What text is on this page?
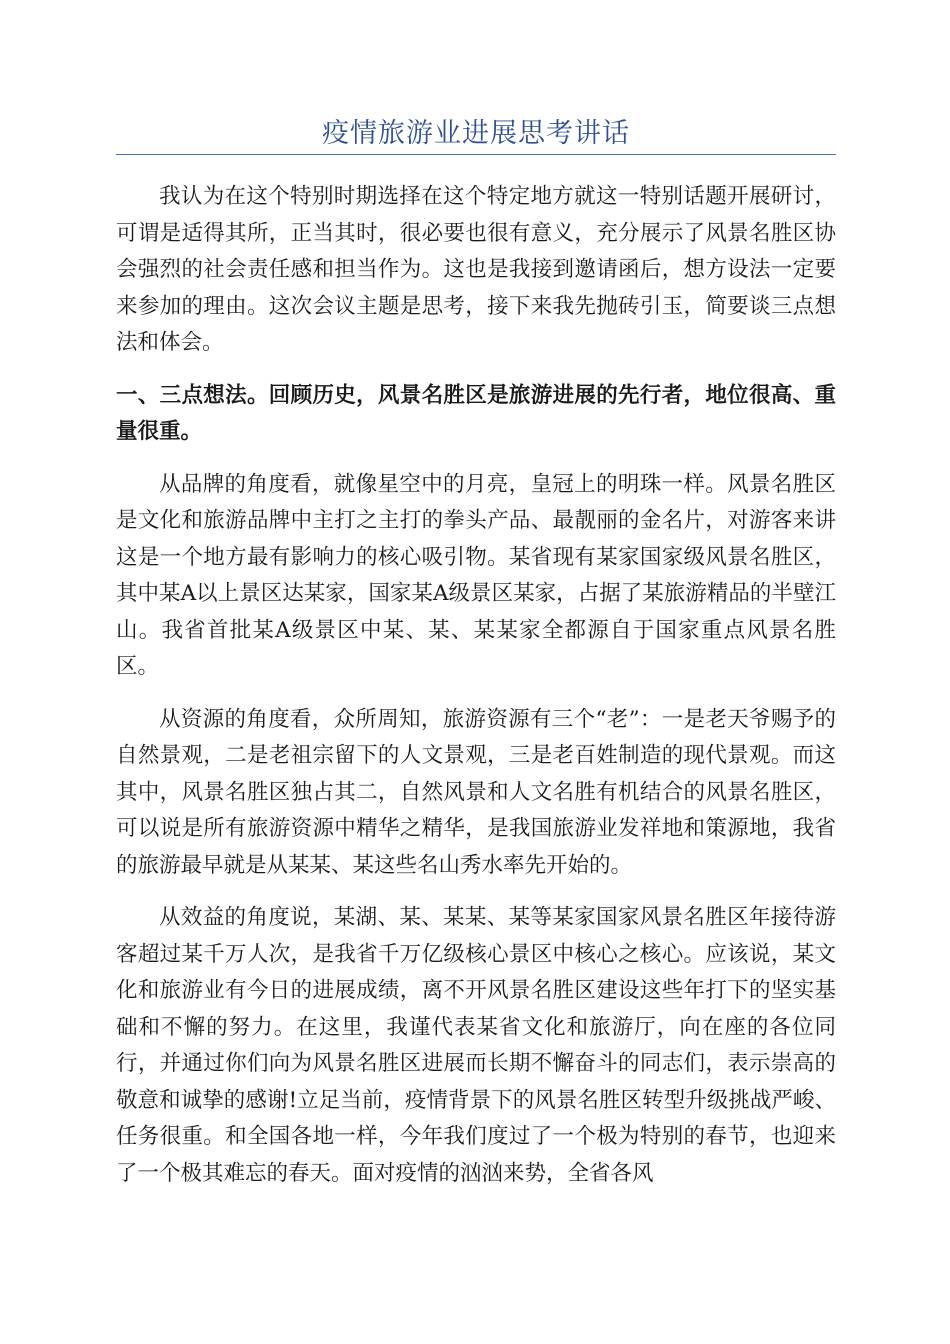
疫情旅游业进展思考讲话

我认为在这个特别时期选择在这个特定地方就这一特别话题开展研讨，可谓是适得其所，正当其时，很必要也很有意义，充分展示了风景名胜区协会强烈的社会责任感和担当作为。这也是我接到邀请函后，想方设法一定要来参加的理由。这次会议主题是思考，接下来我先抛砖引玉，简要谈三点想法和体会。

一、三点想法。回顾历史，风景名胜区是旅游进展的先行者，地位很高、重量很重。

从品牌的角度看，就像星空中的月亮，皇冠上的明珠一样。风景名胜区是文化和旅游品牌中主打之主打的拳头产品、最靓丽的金名片，对游客来讲这是一个地方最有影响力的核心吸引物。某省现有某家国家级风景名胜区，其中某A以上景区达某家，国家某A级景区某家，占据了某旅游精品的半壁江山。我省首批某A级景区中某、某、某某家全都源自于国家重点风景名胜区。

从资源的角度看，众所周知，旅游资源有三个“老”：一是老天爷赐予的自然景观，二是老祖宗留下的人文景观，三是老百姓制造的现代景观。而这其中，风景名胜区独占其二，自然风景和人文名胜有机结合的风景名胜区，可以说是所有旅游资源中精华之精华，是我国旅游业发祥地和策源地，我省的旅游最早就是从某某、某这些名山秀水率先开始的。

从效益的角度说，某湖、某、某某、某等某家国家风景名胜区年接待游客超过某千万人次，是我省千万亿级核心景区中核心之核心。应该说，某文化和旅游业有今日的进展成绩，离不开风景名胜区建设这些年打下的坚实基础和不懈的努力。在这里，我谨代表某省文化和旅游厅，向在座的各位同行，并通过你们向为风景名胜区进展而长期不懈奋斗的同志们，表示崇高的敬意和诚挚的感谢!立足当前，疫情背景下的风景名胜区转型升级挑战严峻、任务很重。和全国各地一样，今年我们度过了一个极为特别的春节，也迎来了一个极其难忘的春天。面对疫情的汹汹来势，全省各风
